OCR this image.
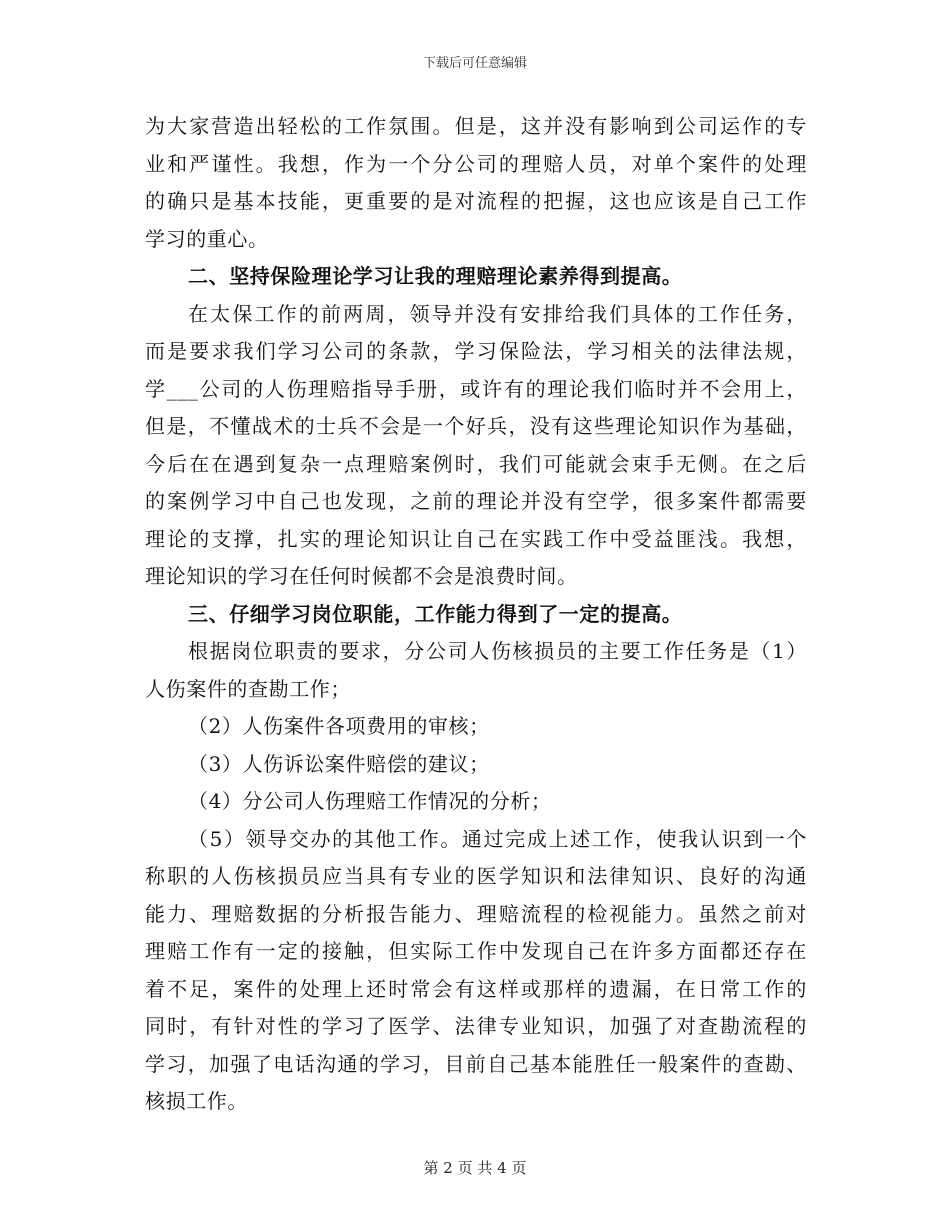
下载后可任意编辑
为大家营造出轻松的工作氛围。但是，这并没有影响到公司运作的专
业和严谨性。我想，作为一个分公司的理赔人员，对单个案件的处理
的确只是基本技能，更重要的是对流程的把握，这也应该是自己工作
学习的重心。
二、坚持保险理论学习让我的理赔理论素养得到提高。
在太保工作的前两周，领导并没有安排给我们具体的工作任务，
而是要求我们学习公司的条款，学习保险法，学习相关的法律法规，
学___公司的人伤理赔指导手册，或许有的理论我们临时并不会用上，
但是，不懂战术的士兵不会是一个好兵，没有这些理论知识作为基础，
今后在在遇到复杂一点理赔案例时，我们可能就会束手无侧。在之后
的案例学习中自己也发现，之前的理论并没有空学，很多案件都需要
理论的支撑，扎实的理论知识让自己在实践工作中受益匪浅。我想，
理论知识的学习在任何时候都不会是浪费时间。
三、仔细学习岗位职能，工作能力得到了一定的提高。
根据岗位职责的要求，分公司人伤核损员的主要工作任务是（1）
人伤案件的查勘工作；
（2）人伤案件各项费用的审核；
（3）人伤诉讼案件赔偿的建议；
（4）分公司人伤理赔工作情况的分析；
（5）领导交办的其他工作。通过完成上述工作，使我认识到一个
称职的人伤核损员应当具有专业的医学知识和法律知识、良好的沟通
能力、理赔数据的分析报告能力、理赔流程的检视能力。虽然之前对
理赔工作有一定的接触，但实际工作中发现自己在许多方面都还存在
着不足，案件的处理上还时常会有这样或那样的遗漏，在日常工作的
同时，有针对性的学习了医学、法律专业知识，加强了对查勘流程的
学习，加强了电话沟通的学习，目前自己基本能胜任一般案件的查勘、
核损工作。
第 2 页 共 4 页
